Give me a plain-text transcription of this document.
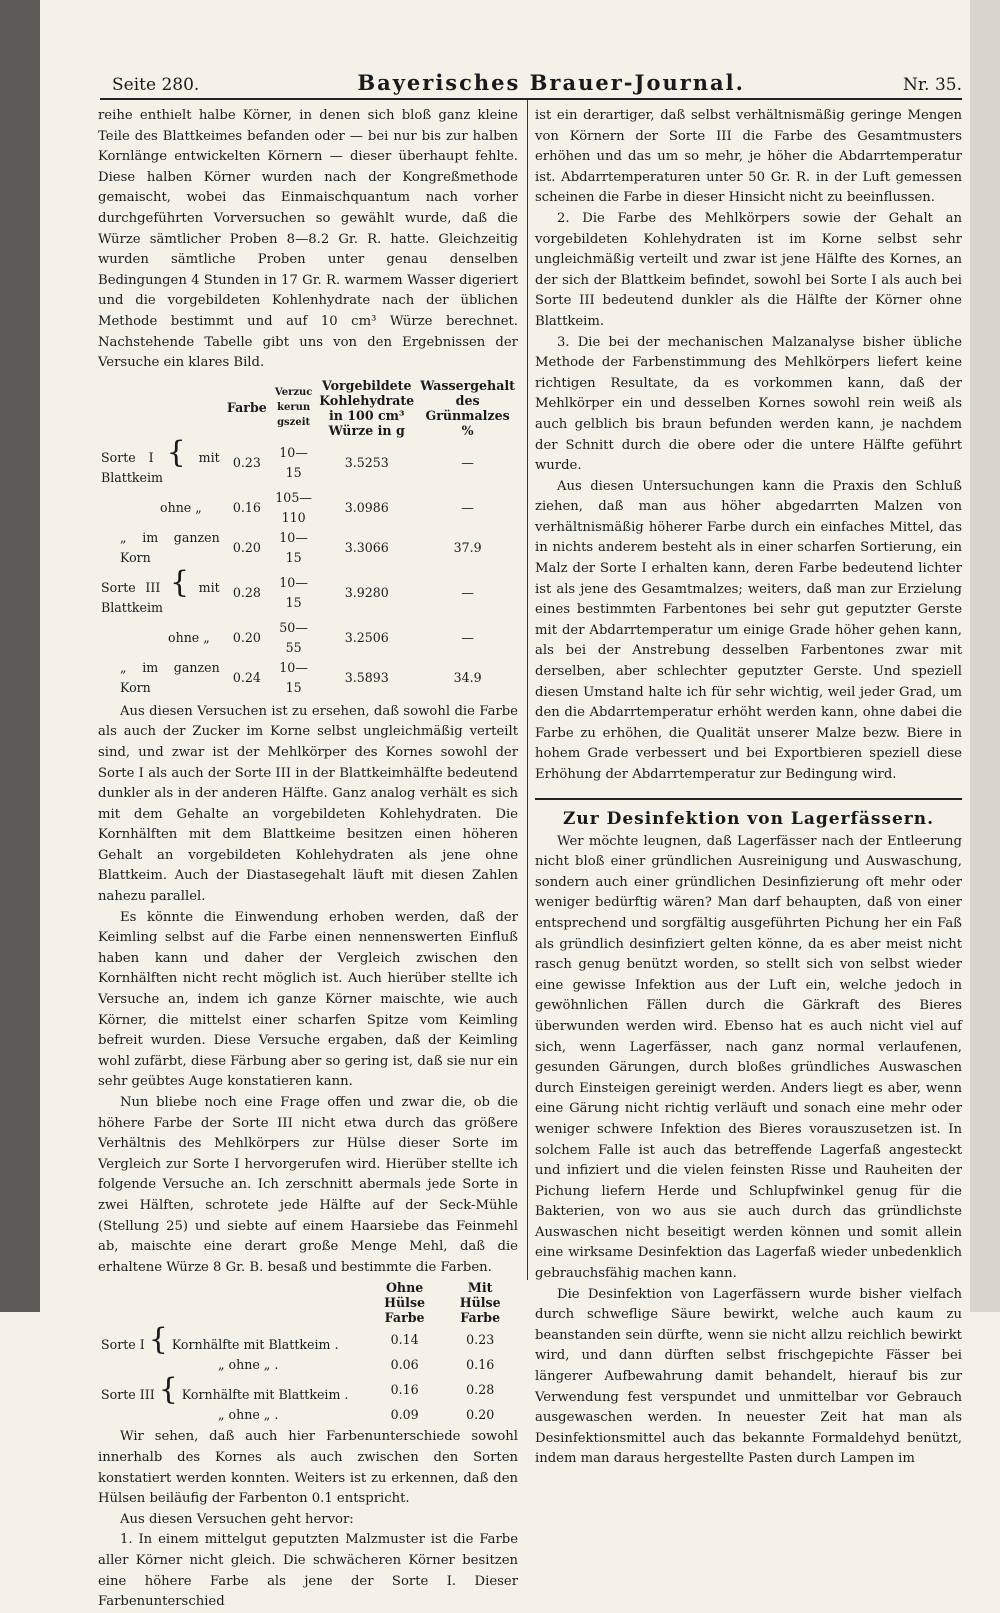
Seite 280.	Bayerisches Brauer-Journal.	Nr. 35.

reihe enthielt halbe Körner, in denen sich bloß ganz kleine Teile des Blattkeimes befanden oder — bei nur bis zur halben Kornlänge entwickelten Körnern — dieser überhaupt fehlte. Diese halben Körner wurden nach der Kongreßmethode gemaischt, wobei das Einmaischquantum nach vorher durchgeführten Vorversuchen so gewählt wurde, daß die Würze sämtlicher Proben 8—8.2 Gr. R. hatte. Gleichzeitig wurden sämtliche Proben unter genau denselben Bedingungen 4 Stunden in 17 Gr. R. warmem Wasser digeriert und die vorgebildeten Kohlenhydrate nach der üblichen Methode bestimmt und auf 10 cm³ Würze berechnet. Nachstehende Tabelle gibt uns von den Ergebnissen der Versuche ein klares Bild.

	Farbe	Verzuckerungszeit	Vorgebildete Kohlehydrate in 100 cm³ Würze in g	Wassergehalt des Grünmalzes %
Sorte I { mit Blattkeim	0.23	10—15	3.5253	—
ohne „	0.16	105—110	3.0986	—
„ im ganzen Korn	0.20	10—15	3.3066	37.9
Sorte III { mit Blattkeim	0.28	10—15	3.9280	—
ohne „	0.20	50—55	3.2506	—
„ im ganzen Korn	0.24	10—15	3.5893	34.9

Aus diesen Versuchen ist zu ersehen, daß sowohl die Farbe als auch der Zucker im Korne selbst ungleichmäßig verteilt sind, und zwar ist der Mehlkörper des Kornes sowohl der Sorte I als auch der Sorte III in der Blattkeimhälfte bedeutend dunkler als in der anderen Hälfte. Ganz analog verhält es sich mit dem Gehalte an vorgebildeten Kohlehydraten. Die Kornhälften mit dem Blattkeime besitzen einen höheren Gehalt an vorgebildeten Kohlehydraten als jene ohne Blattkeim. Auch der Diastasegehalt läuft mit diesen Zahlen nahezu parallel.

Es könnte die Einwendung erhoben werden, daß der Keimling selbst auf die Farbe einen nennenswerten Einfluß haben kann und daher der Vergleich zwischen den Kornhälften nicht recht möglich ist. Auch hierüber stellte ich Versuche an, indem ich ganze Körner maischte, wie auch Körner, die mittelst einer scharfen Spitze vom Keimling befreit wurden. Diese Versuche ergaben, daß der Keimling wohl zufärbt, diese Färbung aber so gering ist, daß sie nur ein sehr geübtes Auge konstatieren kann.

Nun bliebe noch eine Frage offen und zwar die, ob die höhere Farbe der Sorte III nicht etwa durch das größere Verhältnis des Mehlkörpers zur Hülse dieser Sorte im Vergleich zur Sorte I hervorgerufen wird. Hierüber stellte ich folgende Versuche an. Ich zerschnitt abermals jede Sorte in zwei Hälften, schrotete jede Hälfte auf der Seck-Mühle (Stellung 25) und siebte auf einem Haarsiebe das Feinmehl ab, maischte eine derart große Menge Mehl, daß die erhaltene Würze 8 Gr. B. besaß und bestimmte die Farben.

	Ohne Hülse Farbe	Mit Hülse Farbe
Sorte I { Kornhälfte mit Blattkeim .	0.14	0.23
„ ohne „ .	0.06	0.16
Sorte III { Kornhälfte mit Blattkeim .	0.16	0.28
„ ohne „ .	0.09	0.20

Wir sehen, daß auch hier Farbenunterschiede sowohl innerhalb des Kornes als auch zwischen den Sorten konstatiert werden konnten. Weiters ist zu erkennen, daß den Hülsen beiläufig der Farbenton 0.1 entspricht.

Aus diesen Versuchen geht hervor:

1. In einem mittelgut geputzten Malzmuster ist die Farbe aller Körner nicht gleich. Die schwächeren Körner besitzen eine höhere Farbe als jene der Sorte I. Dieser Farbenunterschied

ist ein derartiger, daß selbst verhältnismäßig geringe Mengen von Körnern der Sorte III die Farbe des Gesamtmusters erhöhen und das um so mehr, je höher die Abdarrtemperatur ist. Abdarrtemperaturen unter 50 Gr. R. in der Luft gemessen scheinen die Farbe in dieser Hinsicht nicht zu beeinflussen.

2. Die Farbe des Mehlkörpers sowie der Gehalt an vorgebildeten Kohlehydraten ist im Korne selbst sehr ungleichmäßig verteilt und zwar ist jene Hälfte des Kornes, an der sich der Blattkeim befindet, sowohl bei Sorte I als auch bei Sorte III bedeutend dunkler als die Hälfte der Körner ohne Blattkeim.

3. Die bei der mechanischen Malzanalyse bisher übliche Methode der Farbenstimmung des Mehlkörpers liefert keine richtigen Resultate, da es vorkommen kann, daß der Mehlkörper ein und desselben Kornes sowohl rein weiß als auch gelblich bis braun befunden werden kann, je nachdem der Schnitt durch die obere oder die untere Hälfte geführt wurde.

Aus diesen Untersuchungen kann die Praxis den Schluß ziehen, daß man aus höher abgedarrten Malzen von verhältnismäßig höherer Farbe durch ein einfaches Mittel, das in nichts anderem besteht als in einer scharfen Sortierung, ein Malz der Sorte I erhalten kann, deren Farbe bedeutend lichter ist als jene des Gesamtmalzes; weiters, daß man zur Erzielung eines bestimmten Farbentones bei sehr gut geputzter Gerste mit der Abdarrtemperatur um einige Grade höher gehen kann, als bei der Anstrebung desselben Farbentones zwar mit derselben, aber schlechter geputzter Gerste. Und speziell diesen Umstand halte ich für sehr wichtig, weil jeder Grad, um den die Abdarrtemperatur erhöht werden kann, ohne dabei die Farbe zu erhöhen, die Qualität unserer Malze bezw. Biere in hohem Grade verbessert und bei Exportbieren speziell diese Erhöhung der Abdarrtemperatur zur Bedingung wird.

Zur Desinfektion von Lagerfässern.

Wer möchte leugnen, daß Lagerfässer nach der Entleerung nicht bloß einer gründlichen Ausreinigung und Auswaschung, sondern auch einer gründlichen Desinfizierung oft mehr oder weniger bedürftig wären? Man darf behaupten, daß von einer entsprechend und sorgfältig ausgeführten Pichung her ein Faß als gründlich desinfiziert gelten könne, da es aber meist nicht rasch genug benützt worden, so stellt sich von selbst wieder eine gewisse Infektion aus der Luft ein, welche jedoch in gewöhnlichen Fällen durch die Gärkraft des Bieres überwunden werden wird. Ebenso hat es auch nicht viel auf sich, wenn Lagerfässer, nach ganz normal verlaufenen, gesunden Gärungen, durch bloßes gründliches Auswaschen durch Einsteigen gereinigt werden. Anders liegt es aber, wenn eine Gärung nicht richtig verläuft und sonach eine mehr oder weniger schwere Infektion des Bieres vorauszusetzen ist. In solchem Falle ist auch das betreffende Lagerfaß angesteckt und infiziert und die vielen feinsten Risse und Rauheiten der Pichung liefern Herde und Schlupfwinkel genug für die Bakterien, von wo aus sie auch durch das gründlichste Auswaschen nicht beseitigt werden können und somit allein eine wirksame Desinfektion das Lagerfaß wieder unbedenklich gebrauchsfähig machen kann.

Die Desinfektion von Lagerfässern wurde bisher vielfach durch schweflige Säure bewirkt, welche auch kaum zu beanstanden sein dürfte, wenn sie nicht allzu reichlich bewirkt wird, und dann dürften selbst frischgepichte Fässer bei längerer Aufbewahrung damit behandelt, hierauf bis zur Verwendung fest verspundet und unmittelbar vor Gebrauch ausgewaschen werden. In neuester Zeit hat man als Desinfektionsmittel auch das bekannte Formaldehyd benützt, indem man daraus hergestellte Pasten durch Lampen im
